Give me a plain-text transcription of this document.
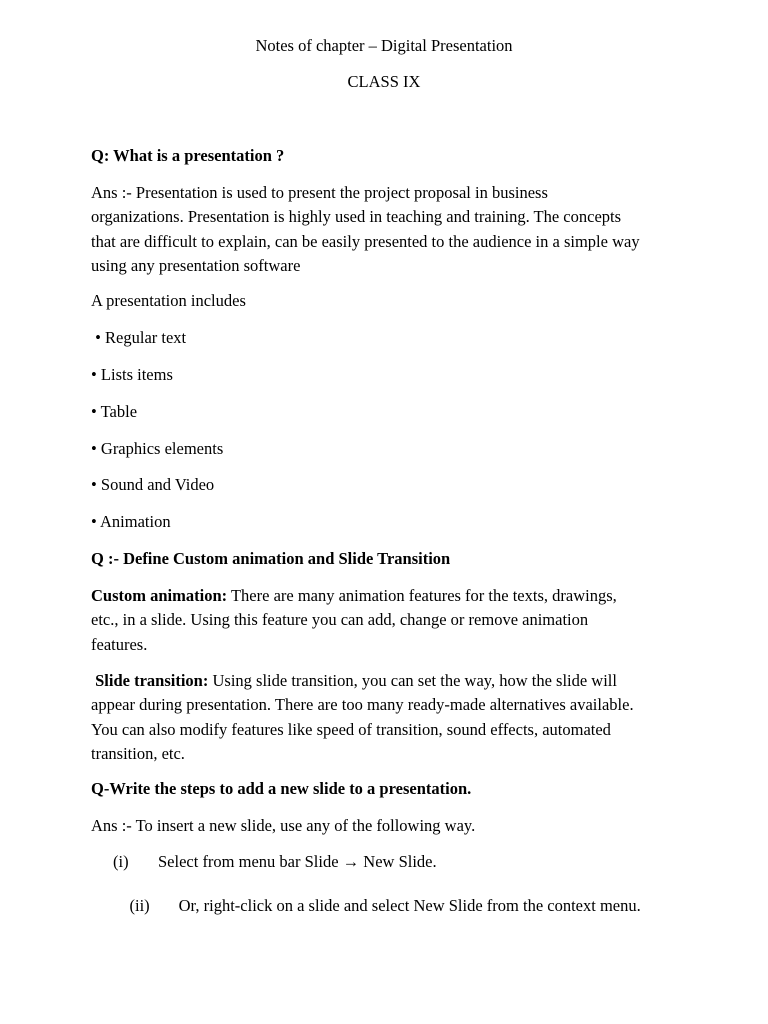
Notes of chapter – Digital Presentation

CLASS IX

Q: What is a presentation ?

Ans :- Presentation is used to present the project proposal in business
organizations. Presentation is highly used in teaching and training. The concepts
that are difficult to explain, can be easily presented to the audience in a simple way
using any presentation software

A presentation includes

• Regular text

• Lists items

• Table

• Graphics elements

• Sound and Video

• Animation

Q :- Define Custom animation and Slide Transition

Custom animation: There are many animation features for the texts, drawings,
etc., in a slide. Using this feature you can add, change or remove animation
features.
Slide transition: Using slide transition, you can set the way, how the slide will
appear during presentation. There are too many ready-made alternatives available.
You can also modify features like speed of transition, sound effects, automated
transition, etc.

Q-Write the steps to add a new slide to a presentation.

Ans :- To insert a new slide, use any of the following way.

(i) Select from menu bar Slide → New Slide.

(ii) Or, right-click on a slide and select New Slide from the context menu.
